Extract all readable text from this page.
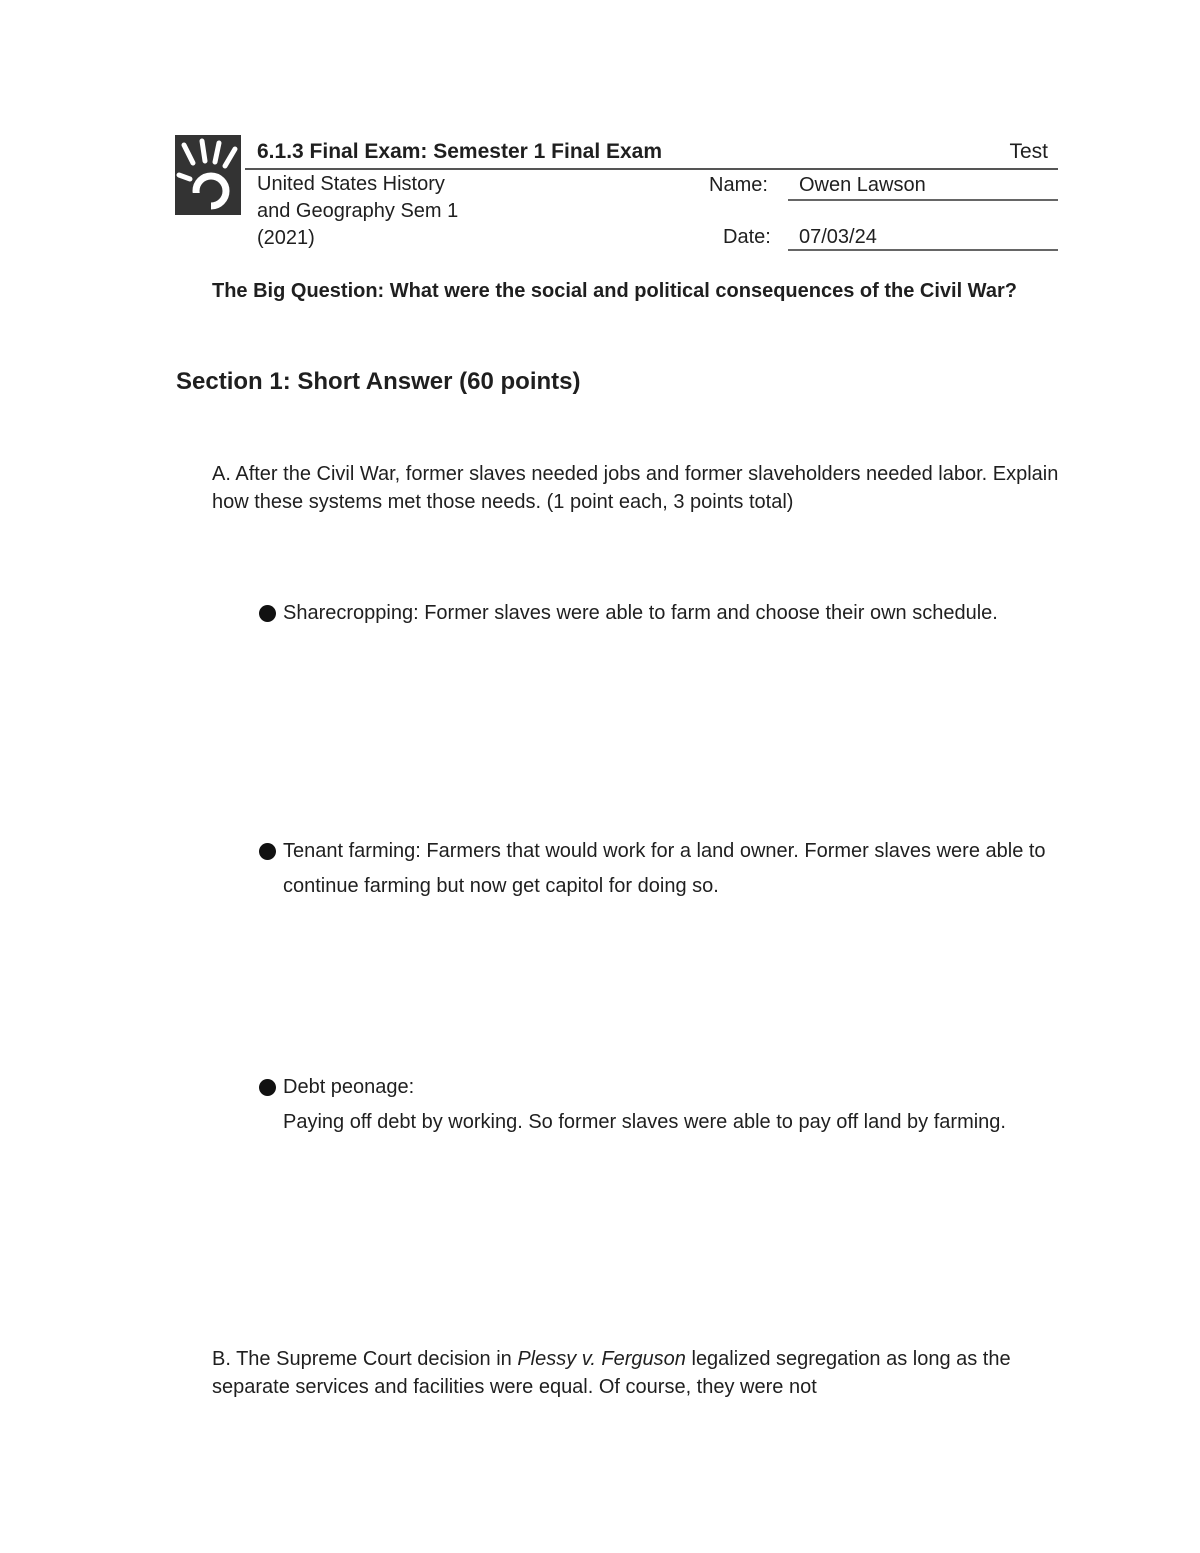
6.1.3 Final Exam: Semester 1 Final Exam	Test
United States History
and Geography Sem 1
(2021)
Name: Owen Lawson
Date: 07/03/24
The Big Question: What were the social and political consequences of the Civil War?
Section 1: Short Answer (60 points)
A. After the Civil War, former slaves needed jobs and former slaveholders needed labor. Explain how these systems met those needs. (1 point each, 3 points total)
Sharecropping: Former slaves were able to farm and choose their own schedule.
Tenant farming: Farmers that would work for a land owner. Former slaves were able to continue farming but now get capitol for doing so.
Debt peonage:
Paying off debt by working. So former slaves were able to pay off land by farming.
B. The Supreme Court decision in Plessy v. Ferguson legalized segregation as long as the separate services and facilities were equal. Of course, they were not
